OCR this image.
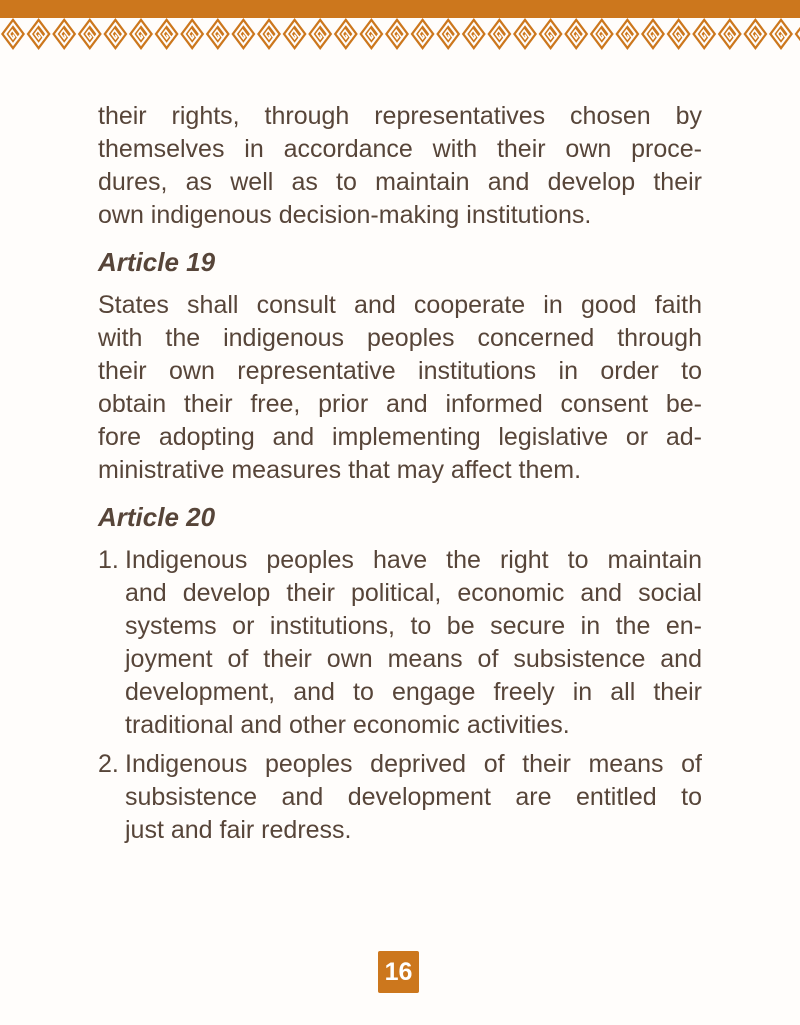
their rights, through representatives chosen by
themselves in accordance with their own proce-
dures, as well as to maintain and develop their
own indigenous decision-making institutions.
Article 19
States shall consult and cooperate in good faith
with the indigenous peoples concerned through
their own representative institutions in order to
obtain their free, prior and informed consent be-
fore adopting and implementing legislative or ad-
ministrative measures that may affect them.
Article 20
1. Indigenous peoples have the right to maintain
and develop their political, economic and social
systems or institutions, to be secure in the en-
joyment of their own means of subsistence and
development, and to engage freely in all their
traditional and other economic activities.
2. Indigenous peoples deprived of their means of
subsistence and development are entitled to
just and fair redress.
16
